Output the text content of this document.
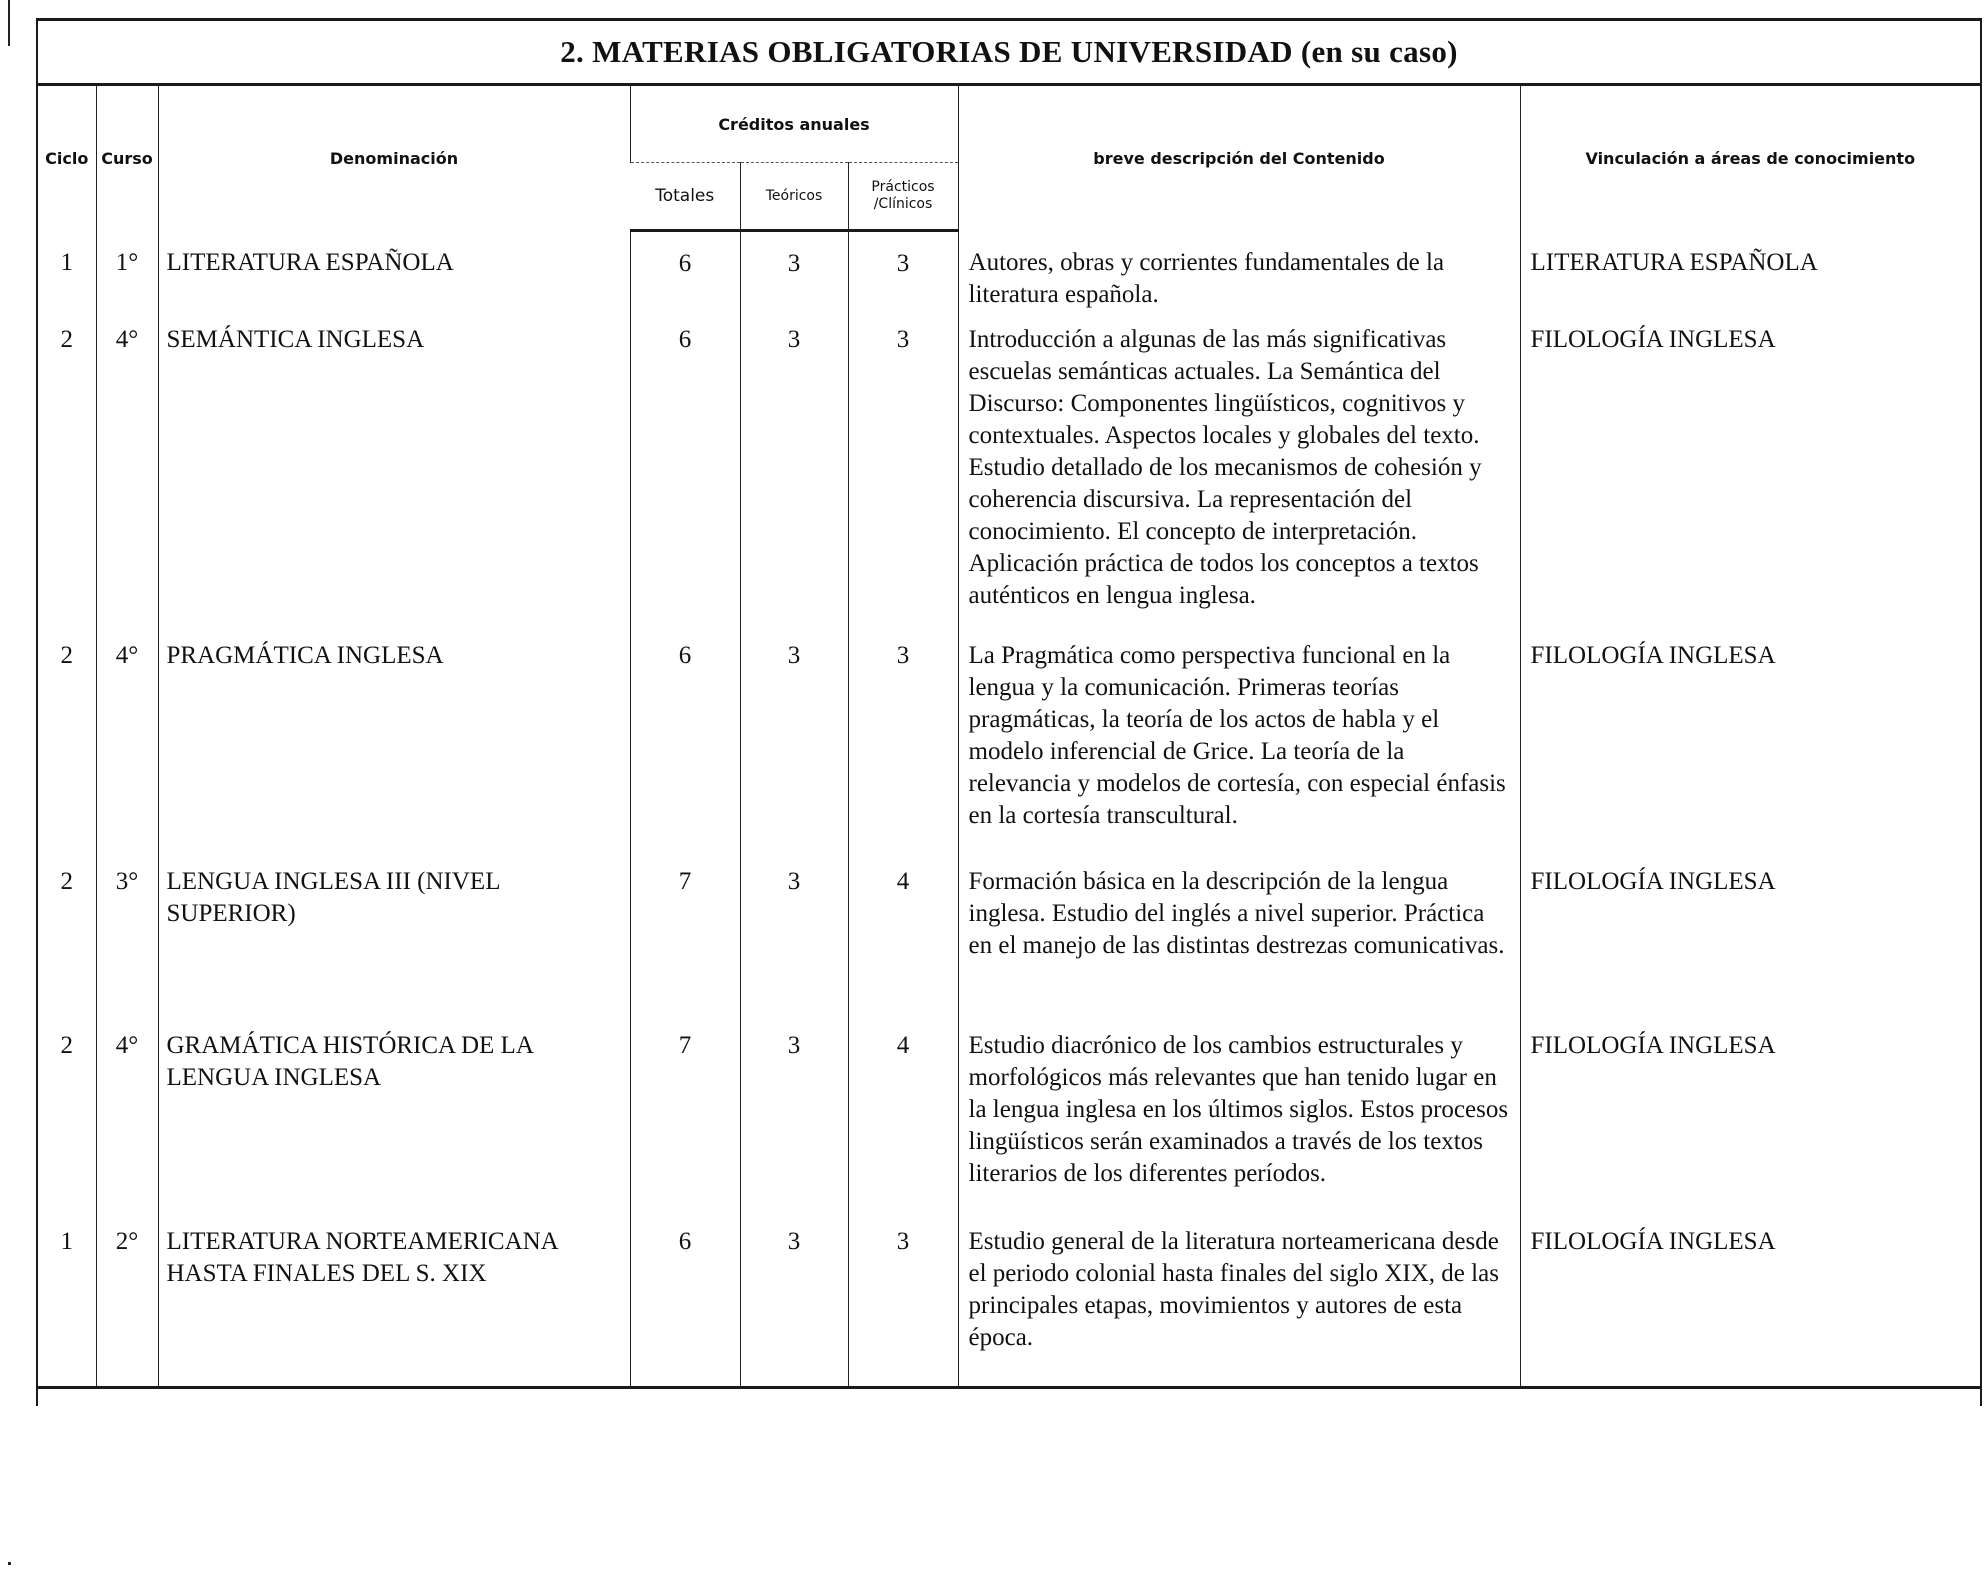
2. MATERIAS OBLIGATORIAS DE UNIVERSIDAD (en su caso)
Ciclo	Curso	Denominación	Créditos anuales			breve descripción del Contenido	Vinculación a áreas de conocimiento
			Totales	Teóricos	Prácticos /Clínicos		
1	1°	LITERATURA ESPAÑOLA	6	3	3	Autores, obras y corrientes fundamentales de la literatura española.	LITERATURA ESPAÑOLA
2	4°	SEMÁNTICA INGLESA	6	3	3	Introducción a algunas de las más significativas escuelas semánticas actuales. La Semántica del Discurso: Componentes lingüísticos, cognitivos y contextuales. Aspectos locales y globales del texto. Estudio detallado de los mecanismos de cohesión y coherencia discursiva. La representación del conocimiento. El concepto de interpretación. Aplicación práctica de todos los conceptos a textos auténticos en lengua inglesa.	FILOLOGÍA INGLESA
2	4°	PRAGMÁTICA INGLESA	6	3	3	La Pragmática como perspectiva funcional en la lengua y la comunicación. Primeras teorías pragmáticas, la teoría de los actos de habla y el modelo inferencial de Grice. La teoría de la relevancia y modelos de cortesía, con especial énfasis en la cortesía transcultural.	FILOLOGÍA INGLESA
2	3°	LENGUA INGLESA III (NIVEL SUPERIOR)	7	3	4	Formación básica en la descripción de la lengua inglesa. Estudio del inglés a nivel superior. Práctica en el manejo de las distintas destrezas comunicativas.	FILOLOGÍA INGLESA
2	4°	GRAMÁTICA HISTÓRICA DE LA LENGUA INGLESA	7	3	4	Estudio diacrónico de los cambios estructurales y morfológicos más relevantes que han tenido lugar en la lengua inglesa en los últimos siglos. Estos procesos lingüísticos serán examinados a través de los textos literarios de los diferentes períodos.	FILOLOGÍA INGLESA
1	2°	LITERATURA NORTEAMERICANA HASTA FINALES DEL S. XIX	6	3	3	Estudio general de la literatura norteamericana desde el periodo colonial hasta finales del siglo XIX, de las principales etapas, movimientos y autores de esta época.	FILOLOGÍA INGLESA
